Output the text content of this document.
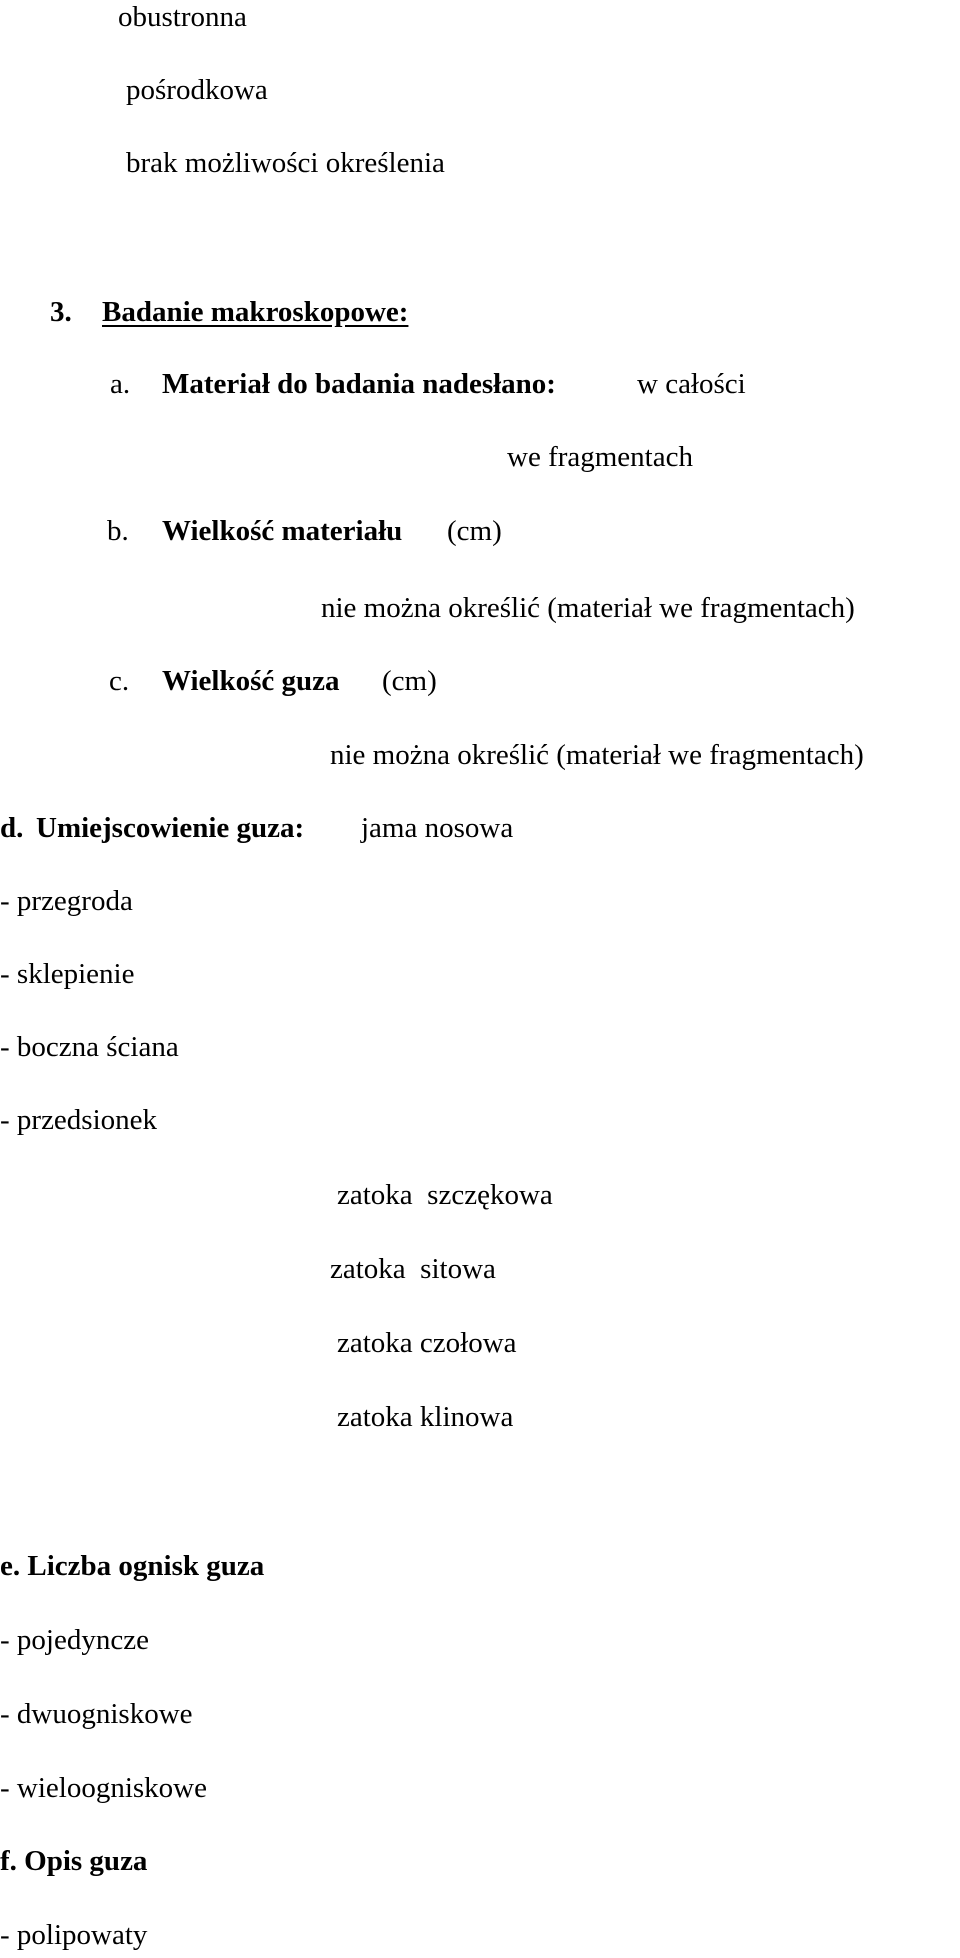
obustronna
pośrodkowa
brak możliwości określenia
3. Badanie makroskopowe:
a. Materiał do badania nadesłano:	w całości
we fragmentach
b. Wielkość materiału (cm)
nie można określić (materiał we fragmentach)
c. Wielkość guza (cm)
nie można określić (materiał we fragmentach)
d. Umiejscowienie guza: jama nosowa
- przegroda
- sklepienie
- boczna ściana
- przedsionek
zatoka  szczękowa
zatoka  sitowa
zatoka czołowa
zatoka klinowa
e. Liczba ognisk guza
- pojedyncze
- dwuogniskowe
- wieloogniskowe
f. Opis guza
- polipowaty
